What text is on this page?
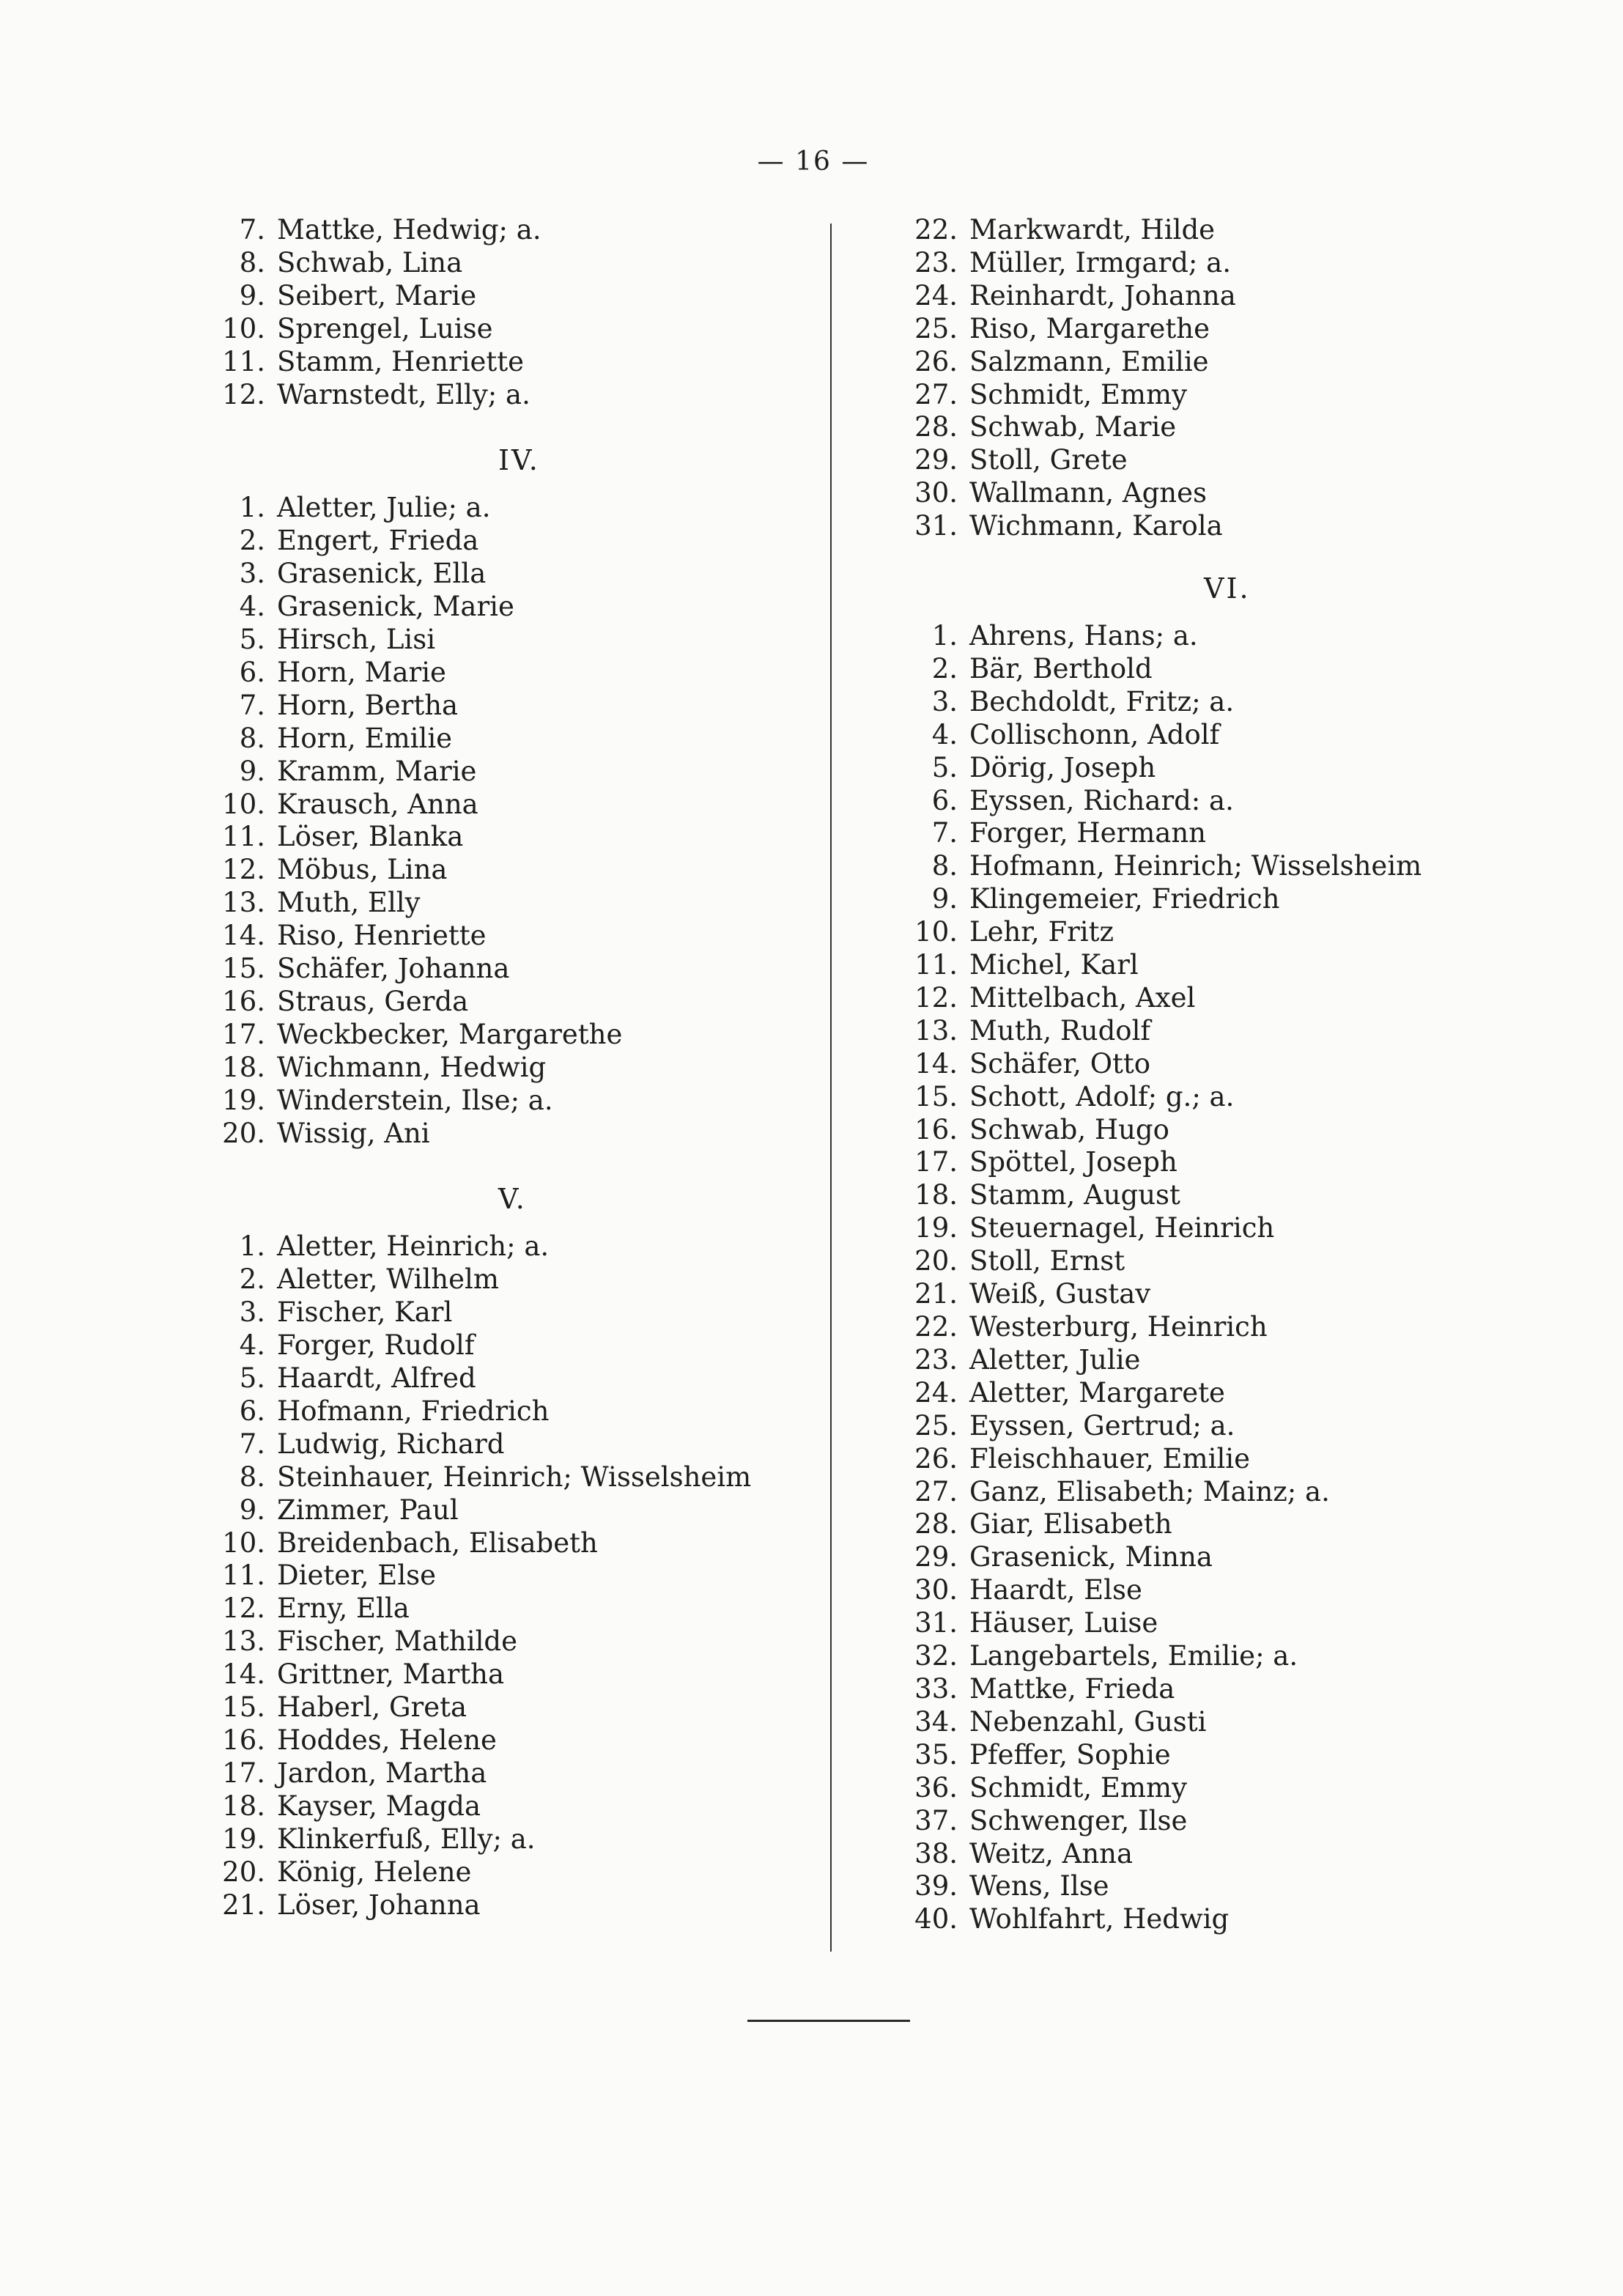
— 16 —
7. Mattke, Hedwig; a.
8. Schwab, Lina
9. Seibert, Marie
10. Sprengel, Luise
11. Stamm, Henriette
12. Warnstedt, Elly; a.
IV.
1. Aletter, Julie; a.
2. Engert, Frieda
3. Grasenick, Ella
4. Grasenick, Marie
5. Hirsch, Lisi
6. Horn, Marie
7. Horn, Bertha
8. Horn, Emilie
9. Kramm, Marie
10. Krausch, Anna
11. Löser, Blanka
12. Möbus, Lina
13. Muth, Elly
14. Riso, Henriette
15. Schäfer, Johanna
16. Straus, Gerda
17. Weckbecker, Margarethe
18. Wichmann, Hedwig
19. Winderstein, Ilse; a.
20. Wissig, Ani
V.
1. Aletter, Heinrich; a.
2. Aletter, Wilhelm
3. Fischer, Karl
4. Forger, Rudolf
5. Haardt, Alfred
6. Hofmann, Friedrich
7. Ludwig, Richard
8. Steinhauer, Heinrich; Wisselsheim
9. Zimmer, Paul
10. Breidenbach, Elisabeth
11. Dieter, Else
12. Erny, Ella
13. Fischer, Mathilde
14. Grittner, Martha
15. Haberl, Greta
16. Hoddes, Helene
17. Jardon, Martha
18. Kayser, Magda
19. Klinkerfuß, Elly; a.
20. König, Helene
21. Löser, Johanna
22. Markwardt, Hilde
23. Müller, Irmgard; a.
24. Reinhardt, Johanna
25. Riso, Margarethe
26. Salzmann, Emilie
27. Schmidt, Emmy
28. Schwab, Marie
29. Stoll, Grete
30. Wallmann, Agnes
31. Wichmann, Karola
VI.
1. Ahrens, Hans; a.
2. Bär, Berthold
3. Bechdoldt, Fritz; a.
4. Collischonn, Adolf
5. Dörig, Joseph
6. Eyssen, Richard: a.
7. Forger, Hermann
8. Hofmann, Heinrich; Wisselsheim
9. Klingemeier, Friedrich
10. Lehr, Fritz
11. Michel, Karl
12. Mittelbach, Axel
13. Muth, Rudolf
14. Schäfer, Otto
15. Schott, Adolf; g.; a.
16. Schwab, Hugo
17. Spöttel, Joseph
18. Stamm, August
19. Steuernagel, Heinrich
20. Stoll, Ernst
21. Weiß, Gustav
22. Westerburg, Heinrich
23. Aletter, Julie
24. Aletter, Margarete
25. Eyssen, Gertrud; a.
26. Fleischhauer, Emilie
27. Ganz, Elisabeth; Mainz; a.
28. Giar, Elisabeth
29. Grasenick, Minna
30. Haardt, Else
31. Häuser, Luise
32. Langebartels, Emilie; a.
33. Mattke, Frieda
34. Nebenzahl, Gusti
35. Pfeffer, Sophie
36. Schmidt, Emmy
37. Schwenger, Ilse
38. Weitz, Anna
39. Wens, Ilse
40. Wohlfahrt, Hedwig
